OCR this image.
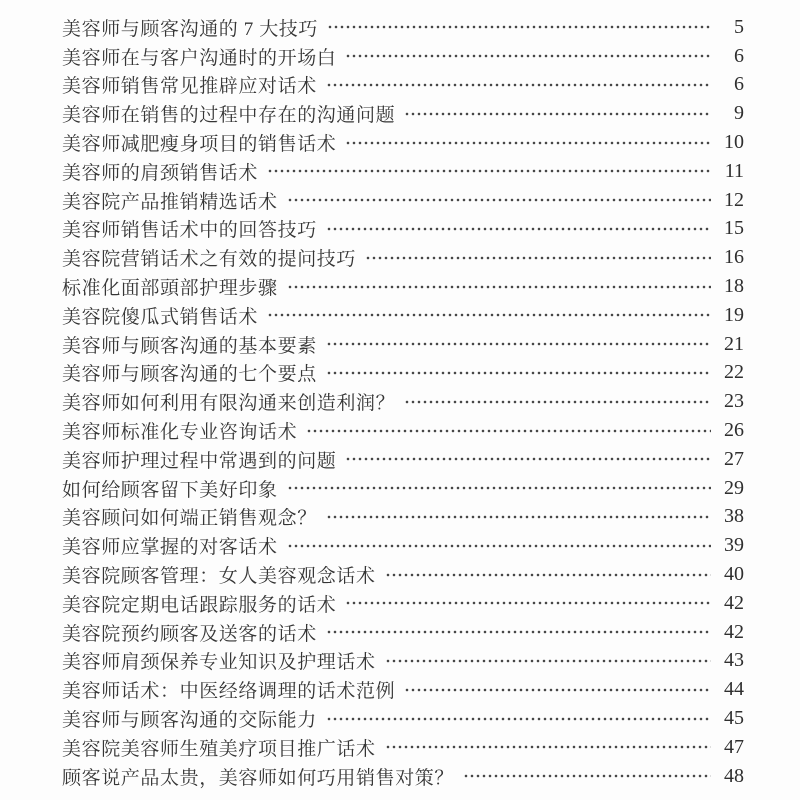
美容师与顾客沟通的 7 大技巧	5
美容师在与客户沟通时的开场白	6
美容师销售常见推辟应对话术	6
美容师在销售的过程中存在的沟通问题	9
美容师减肥瘦身项目的销售话术	10
美容师的肩颈销售话术	11
美容院产品推销精选话术	12
美容师销售话术中的回答技巧	15
美容院营销话术之有效的提问技巧	16
标准化面部頭部护理步骤	18
美容院傻瓜式销售话术	19
美容师与顾客沟通的基本要素	21
美容师与顾客沟通的七个要点	22
美容师如何利用有限沟通来创造利润？	23
美容师标准化专业咨询话术	26
美容师护理过程中常遇到的问题	27
如何给顾客留下美好印象	29
美容顾问如何端正销售观念？	38
美容师应掌握的对客话术	39
美容院顾客管理：女人美容观念话术	40
美容院定期电话跟踪服务的话术	42
美容院预约顾客及送客的话术	42
美容师肩颈保养专业知识及护理话术	43
美容师话术：中医经络调理的话术范例	44
美容师与顾客沟通的交际能力	45
美容院美容师生殖美疗项目推广话术	47
顾客说产品太贵，美容师如何巧用销售对策？	48
